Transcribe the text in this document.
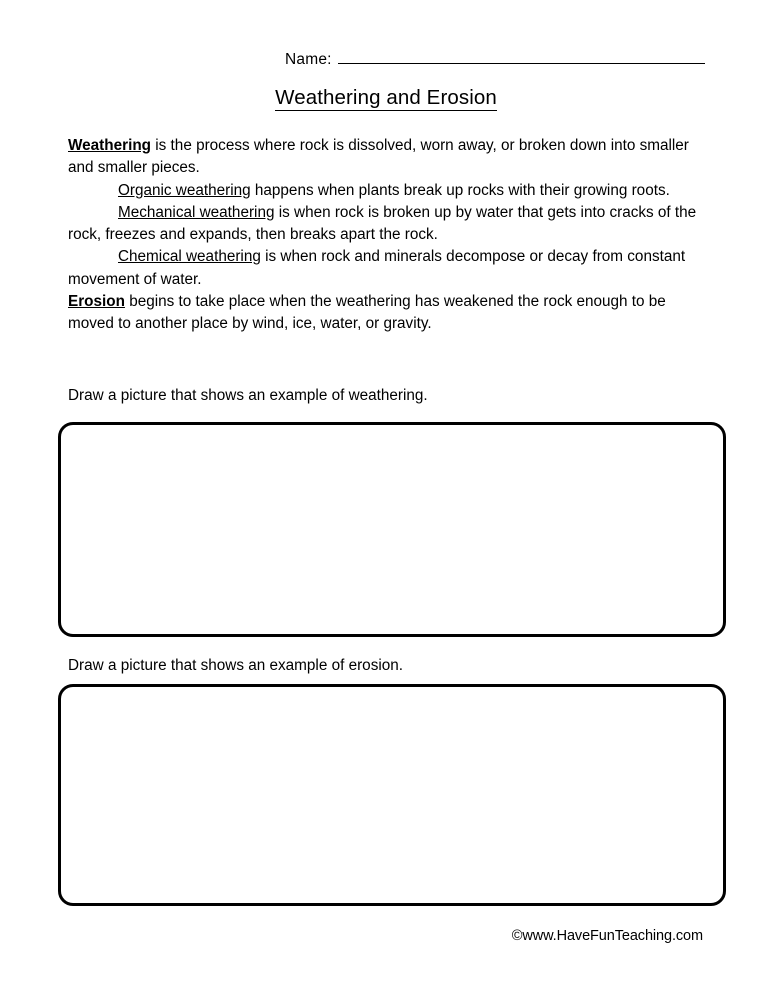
Name:
Weathering and Erosion

Weathering is the process where rock is dissolved, worn away, or broken down into smaller and smaller pieces.

Organic weathering happens when plants break up rocks with their growing roots.

Mechanical weathering is when rock is broken up by water that gets into cracks of the rock, freezes and expands, then breaks apart the rock.

Chemical weathering is when rock and minerals decompose or decay from constant movement of water.

Erosion begins to take place when the weathering has weakened the rock enough to be moved to another place by wind, ice, water, or gravity.

Draw a picture that shows an example of weathering.
Draw a picture that shows an example of erosion.
©www.HaveFunTeaching.com
